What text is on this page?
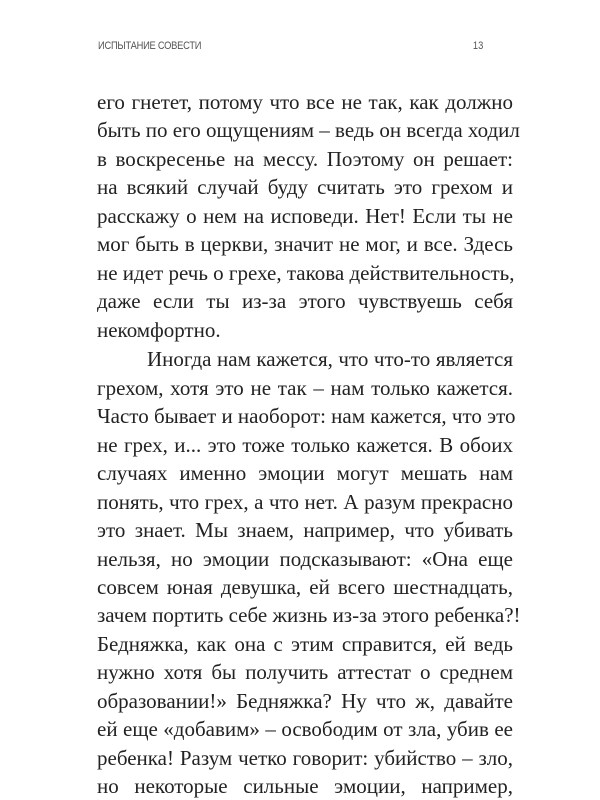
ИСПЫТАНИЕ СОВЕСТИ	13
его гнетет, потому что все не так, как должно
быть по его ощущениям – ведь он всегда ходил
в воскресенье на мессу. Поэтому он решает:
на всякий случай буду считать это грехом и
расскажу о нем на исповеди. Нет! Если ты не
мог быть в церкви, значит не мог, и все. Здесь
не идет речь о грехе, такова действительность,
даже если ты из-за этого чувствуешь себя
некомфортно.
Иногда нам кажется, что что-то является
грехом, хотя это не так – нам только кажется.
Часто бывает и наоборот: нам кажется, что это
не грех, и... это тоже только кажется. В обоих
случаях именно эмоции могут мешать нам
понять, что грех, а что нет. А разум прекрасно
это знает. Мы знаем, например, что убивать
нельзя, но эмоции подсказывают: «Она еще
совсем юная девушка, ей всего шестнадцать,
зачем портить себе жизнь из-за этого ребенка?!
Бедняжка, как она с этим справится, ей ведь
нужно хотя бы получить аттестат о среднем
образовании!» Бедняжка? Ну что ж, давайте
ей еще «добавим» – освободим от зла, убив ее
ребенка! Разум четко говорит: убийство – зло,
но некоторые сильные эмоции, например,
